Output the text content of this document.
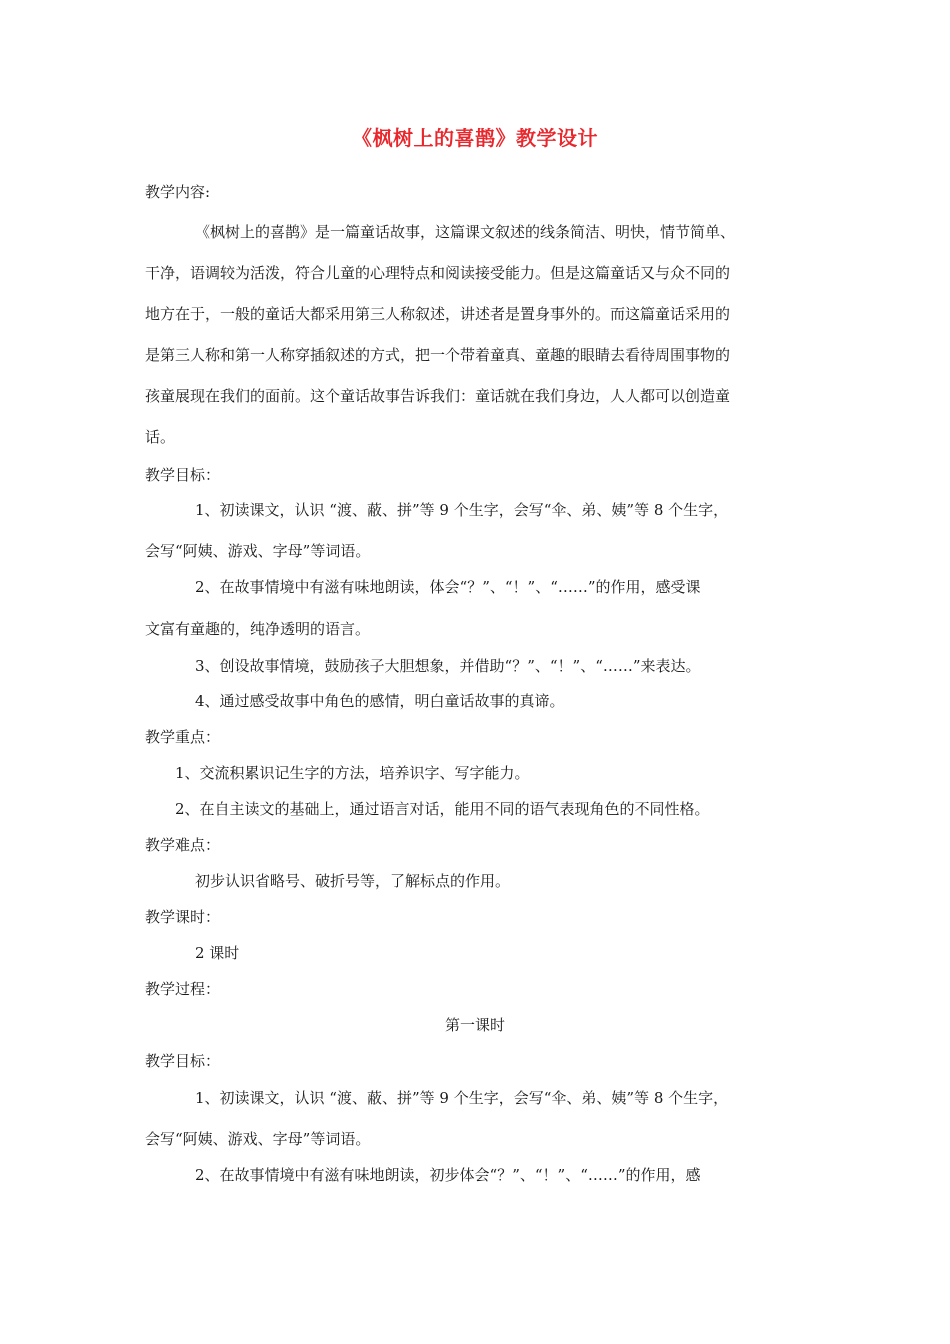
《枫树上的喜鹊》教学设计
教学内容:
《枫树上的喜鹊》是一篇童话故事，这篇课文叙述的线条简洁、明快，情节简单、
干净，语调较为活泼，符合儿童的心理特点和阅读接受能力。但是这篇童话又与众不同的
地方在于，一般的童话大都采用第三人称叙述，讲述者是置身事外的。而这篇童话采用的
是第三人称和第一人称穿插叙述的方式，把一个带着童真、童趣的眼睛去看待周围事物的
孩童展现在我们的面前。这个童话故事告诉我们：童话就在我们身边，人人都可以创造童
话。
教学目标：
1、初读课文，认识 “渡、蔽、拼”等 9 个生字，会写“伞、弟、姨”等 8 个生字，
会写“阿姨、游戏、字母”等词语。
2、在故事情境中有滋有味地朗读，体会“？”、“！”、“……”的作用，感受课
文富有童趣的，纯净透明的语言。
3、创设故事情境，鼓励孩子大胆想象，并借助“？”、“！”、“……”来表达。
4、通过感受故事中角色的感情，明白童话故事的真谛。
教学重点：
1、交流积累识记生字的方法，培养识字、写字能力。
2、在自主读文的基础上，通过语言对话，能用不同的语气表现角色的不同性格。
教学难点：
初步认识省略号、破折号等，了解标点的作用。
教学课时：
2 课时
教学过程：
第一课时
教学目标：
1、初读课文，认识 “渡、蔽、拼”等 9 个生字，会写“伞、弟、姨”等 8 个生字，
会写“阿姨、游戏、字母”等词语。
2、在故事情境中有滋有味地朗读，初步体会“？”、“！”、“……”的作用，感
